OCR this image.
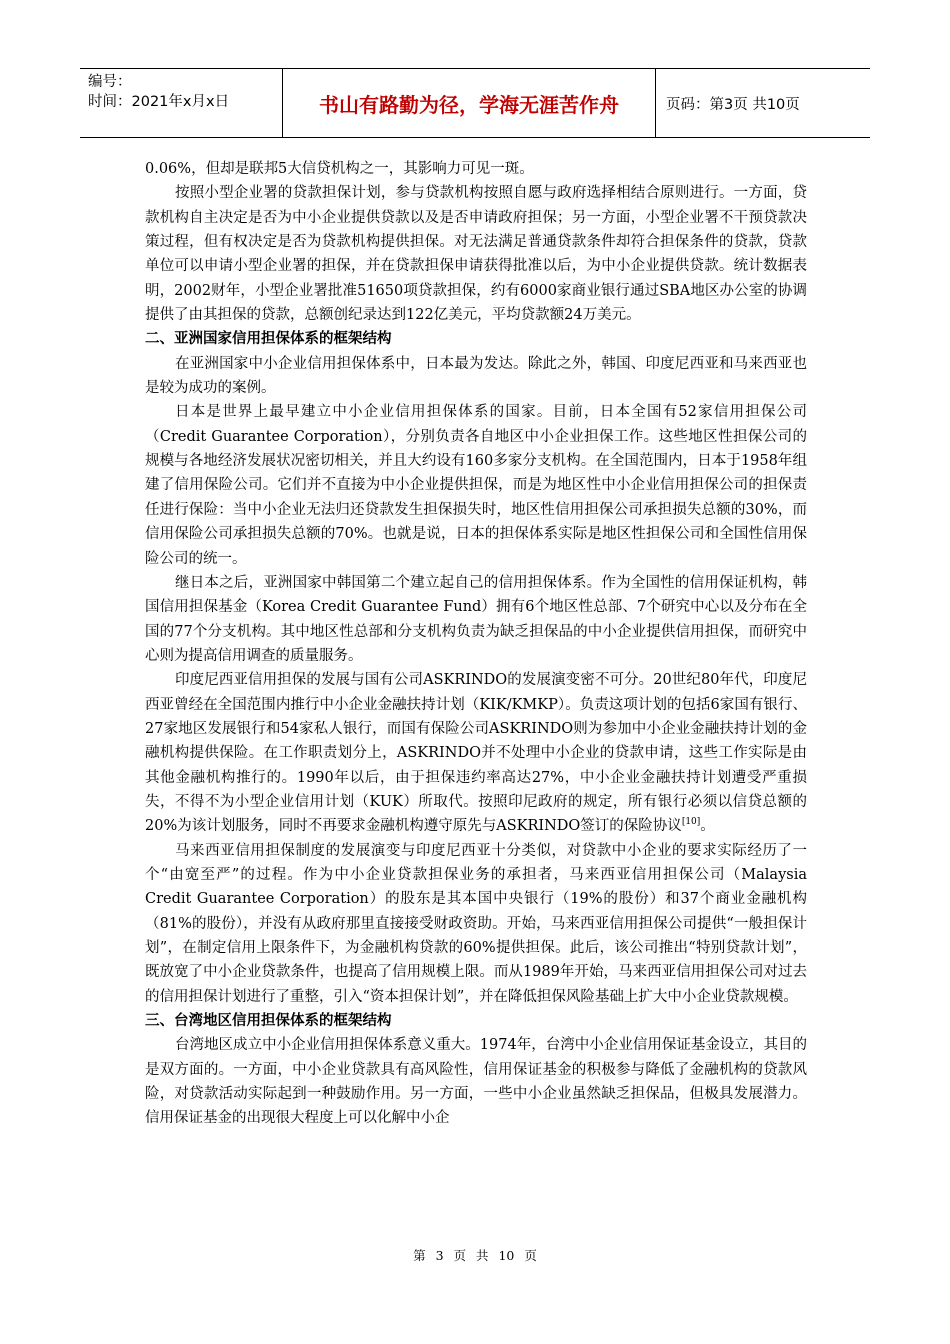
编号：
时间：2021年x月x日	书山有路勤为径，学海无涯苦作舟	页码：第3页 共10页

0.06%，但却是联邦5大信贷机构之一，其影响力可见一斑。

按照小型企业署的贷款担保计划，参与贷款机构按照自愿与政府选择相结合原则进行。一方面，贷款机构自主决定是否为中小企业提供贷款以及是否申请政府担保；另一方面，小型企业署不干预贷款决策过程，但有权决定是否为贷款机构提供担保。对无法满足普通贷款条件却符合担保条件的贷款，贷款单位可以申请小型企业署的担保，并在贷款担保申请获得批准以后，为中小企业提供贷款。统计数据表明，2002财年，小型企业署批准51650项贷款担保，约有6000家商业银行通过SBA地区办公室的协调提供了由其担保的贷款，总额创纪录达到122亿美元，平均贷款额24万美元。

二、亚洲国家信用担保体系的框架结构

在亚洲国家中小企业信用担保体系中，日本最为发达。除此之外，韩国、印度尼西亚和马来西亚也是较为成功的案例。

日本是世界上最早建立中小企业信用担保体系的国家。目前，日本全国有52家信用担保公司（Credit Guarantee Corporation），分别负责各自地区中小企业担保工作。这些地区性担保公司的规模与各地经济发展状况密切相关，并且大约设有160多家分支机构。在全国范围内，日本于1958年组建了信用保险公司。它们并不直接为中小企业提供担保，而是为地区性中小企业信用担保公司的担保责任进行保险：当中小企业无法归还贷款发生担保损失时，地区性信用担保公司承担损失总额的30%，而信用保险公司承担损失总额的70%。也就是说，日本的担保体系实际是地区性担保公司和全国性信用保险公司的统一。

继日本之后，亚洲国家中韩国第二个建立起自己的信用担保体系。作为全国性的信用保证机构，韩国信用担保基金（Korea Credit Guarantee Fund）拥有6个地区性总部、7个研究中心以及分布在全国的77个分支机构。其中地区性总部和分支机构负责为缺乏担保品的中小企业提供信用担保，而研究中心则为提高信用调查的质量服务。

印度尼西亚信用担保的发展与国有公司ASKRINDO的发展演变密不可分。20世纪80年代，印度尼西亚曾经在全国范围内推行中小企业金融扶持计划（KIK/KMKP）。负责这项计划的包括6家国有银行、27家地区发展银行和54家私人银行，而国有保险公司ASKRINDO则为参加中小企业金融扶持计划的金融机构提供保险。在工作职责划分上，ASKRINDO并不处理中小企业的贷款申请，这些工作实际是由其他金融机构推行的。1990年以后，由于担保违约率高达27%，中小企业金融扶持计划遭受严重损失，不得不为小型企业信用计划（KUK）所取代。按照印尼政府的规定，所有银行必须以信贷总额的20%为该计划服务，同时不再要求金融机构遵守原先与ASKRINDO签订的保险协议[10]。

马来西亚信用担保制度的发展演变与印度尼西亚十分类似，对贷款中小企业的要求实际经历了一个“由宽至严”的过程。作为中小企业贷款担保业务的承担者，马来西亚信用担保公司（Malaysia Credit Guarantee Corporation）的股东是其本国中央银行（19%的股份）和37个商业金融机构（81%的股份），并没有从政府那里直接接受财政资助。开始，马来西亚信用担保公司提供“一般担保计划”，在制定信用上限条件下，为金融机构贷款的60%提供担保。此后，该公司推出“特别贷款计划”，既放宽了中小企业贷款条件，也提高了信用规模上限。而从1989年开始，马来西亚信用担保公司对过去的信用担保计划进行了重整，引入“资本担保计划”，并在降低担保风险基础上扩大中小企业贷款规模。

三、台湾地区信用担保体系的框架结构

台湾地区成立中小企业信用担保体系意义重大。1974年，台湾中小企业信用保证基金设立，其目的是双方面的。一方面，中小企业贷款具有高风险性，信用保证基金的积极参与降低了金融机构的贷款风险，对贷款活动实际起到一种鼓励作用。另一方面，一些中小企业虽然缺乏担保品，但极具发展潜力。信用保证基金的出现很大程度上可以化解中小企

第 3 页 共 10 页
